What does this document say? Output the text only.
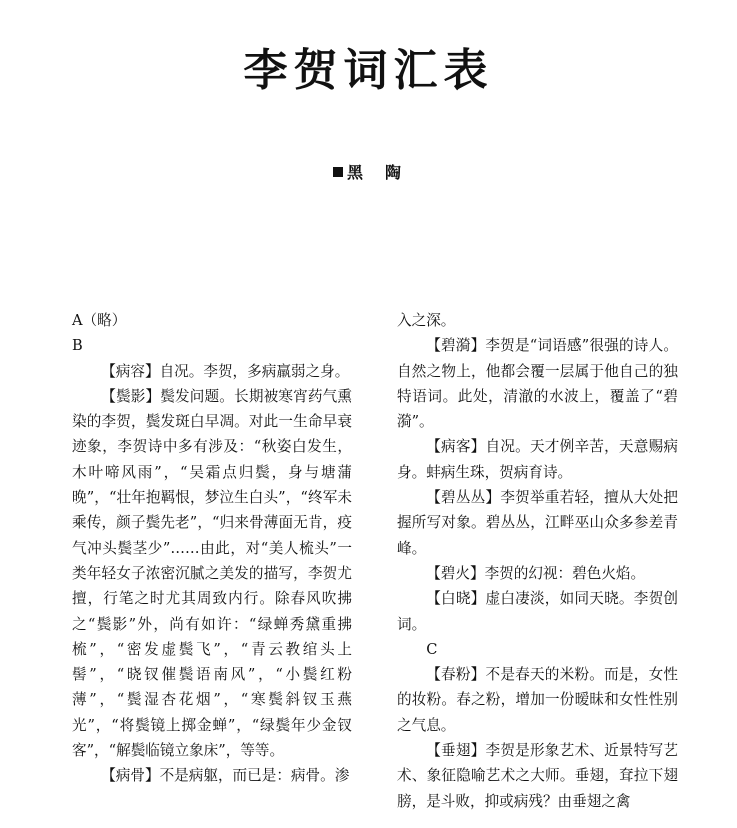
李贺词汇表
黑　陶

A（略）

B

【病容】自况。李贺，多病羸弱之身。

【鬓影】鬓发问题。长期被寒宵药气熏染的李贺，鬓发斑白早凋。对此一生命早衰迹象，李贺诗中多有涉及：“秋姿白发生，木叶啼风雨”，“吴霜点归鬓，身与塘蒲晚”，“壮年抱羁恨，梦泣生白头”，“终军未乘传，颜子鬓先老”，“归来骨薄面无肯，疫气冲头鬓茎少”……由此，对“美人梳头”一类年轻女子浓密沉腻之美发的描写，李贺尤擅，行笔之时尤其周致内行。除春风吹拂之“鬓影”外，尚有如许：“绿蝉秀黛重拂梳”，“密发虚鬓飞”，“青云教绾头上髻”，“晓钗催鬓语南风”，“小鬓红粉薄”，“鬓湿杏花烟”，“寒鬓斜钗玉燕光”，“将鬓镜上掷金蝉”，“绿鬓年少金钗客”，“解鬓临镜立象床”，等等。

【病骨】不是病躯，而已是：病骨。渗

入之深。

【碧漪】李贺是“词语感”很强的诗人。自然之物上，他都会覆一层属于他自己的独特语词。此处，清澈的水波上，覆盖了“碧漪”。

【病客】自况。天才例辛苦，天意赐病身。蚌病生珠，贺病育诗。

【碧丛丛】李贺举重若轻，擅从大处把握所写对象。碧丛丛，江畔巫山众多参差青峰。

【碧火】李贺的幻视：碧色火焰。

【白晓】虚白凄淡，如同天晓。李贺创词。

C

【春粉】不是春天的米粉。而是，女性的妆粉。春之粉，增加一份暧昧和女性性别之气息。

【垂翅】李贺是形象艺术、近景特写艺术、象征隐喻艺术之大师。垂翅，耷拉下翅膀，是斗败，抑或病残？由垂翅之禽
